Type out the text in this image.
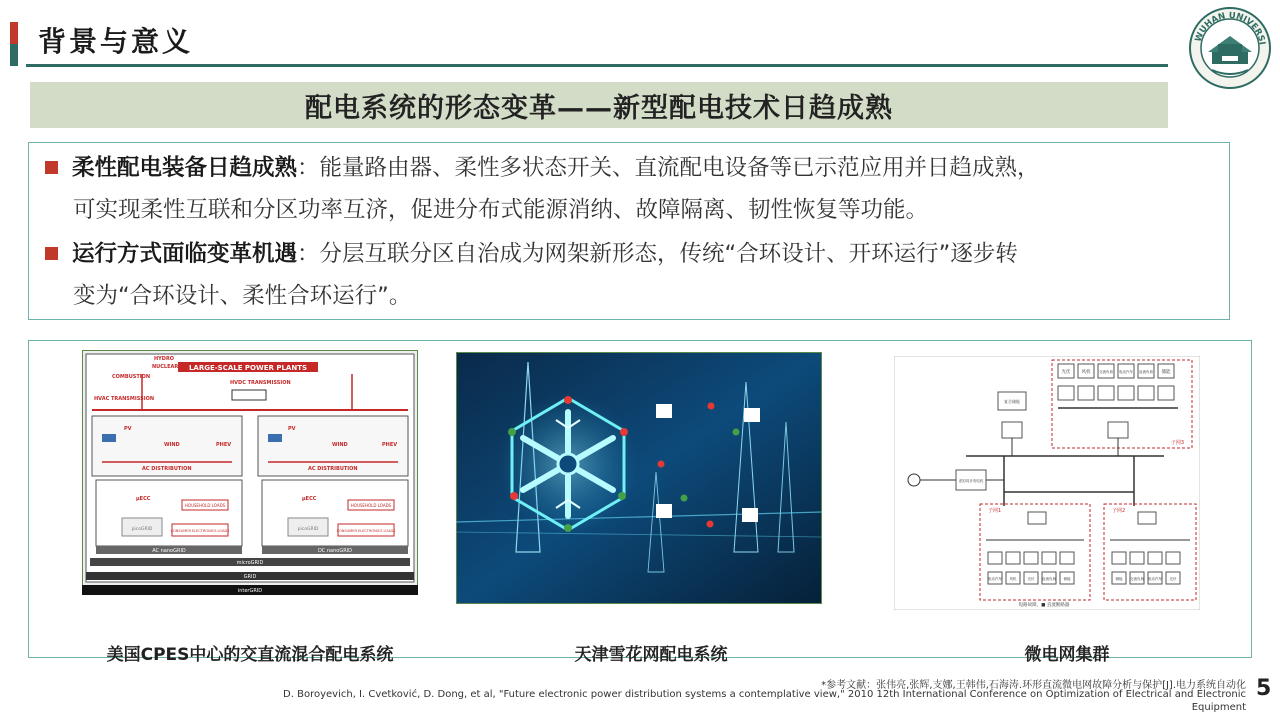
背景与意义	WUHAN UNIVERSI
配电系统的形态变革——新型配电技术日趋成熟
柔性配电装备日趋成熟：能量路由器、柔性多状态开关、直流配电设备等已示范应用并日趋成熟，
可实现柔性互联和分区功率互济，促进分布式能源消纳、故障隔离、韧性恢复等功能。
运行方式面临变革机遇：分层互联分区自治成为网架新形态，传统“合环设计、开环运行”逐步转
变为“合环设计、柔性合环运行”。
LARGE-SCALE POWER PLANTS
HYDRO
NUCLEAR
COMBUSTION
HVDC TRANSMISSION
HVAC TRANSMISSION
PV
WIND	PHEV
PV
WIND	PHEV
AC DISTRIBUTION	AC DISTRIBUTION
µECC	µECC
HOUSEHOLD LOADS	HOUSEHOLD LOADS
CONSUMER ELECTRONICS LOADS	CONSUMER ELECTRONICS LOADS
picoGRID	picoGRID
AC nanoGRID	DC nanoGRID
microGRID
GRID
interGRID
子网3
光伏 风机 交流负荷 电动汽车 直流负荷 储能
复合储能
虚拟同步发电机
子网1	子网2
电动汽车 风机	光伏 直流负荷 储能	储能 交流负荷 电动汽车 光伏
短路故障，■ 直流断路器
美国CPES中心的交直流混合配电系统	天津雪花网配电系统	微电网集群
*参考文献：张伟亮,张辉,支娜,王韩伟,石海涛.环形直流微电网故障分析与保护[J].电力系统自动化
D. Boroyevich, I. Cvetković, D. Dong, et al, "Future electronic power distribution systems a contemplative view," 2010 12th International Conference on Optimization of Electrical and Electronic
Equipment
5
